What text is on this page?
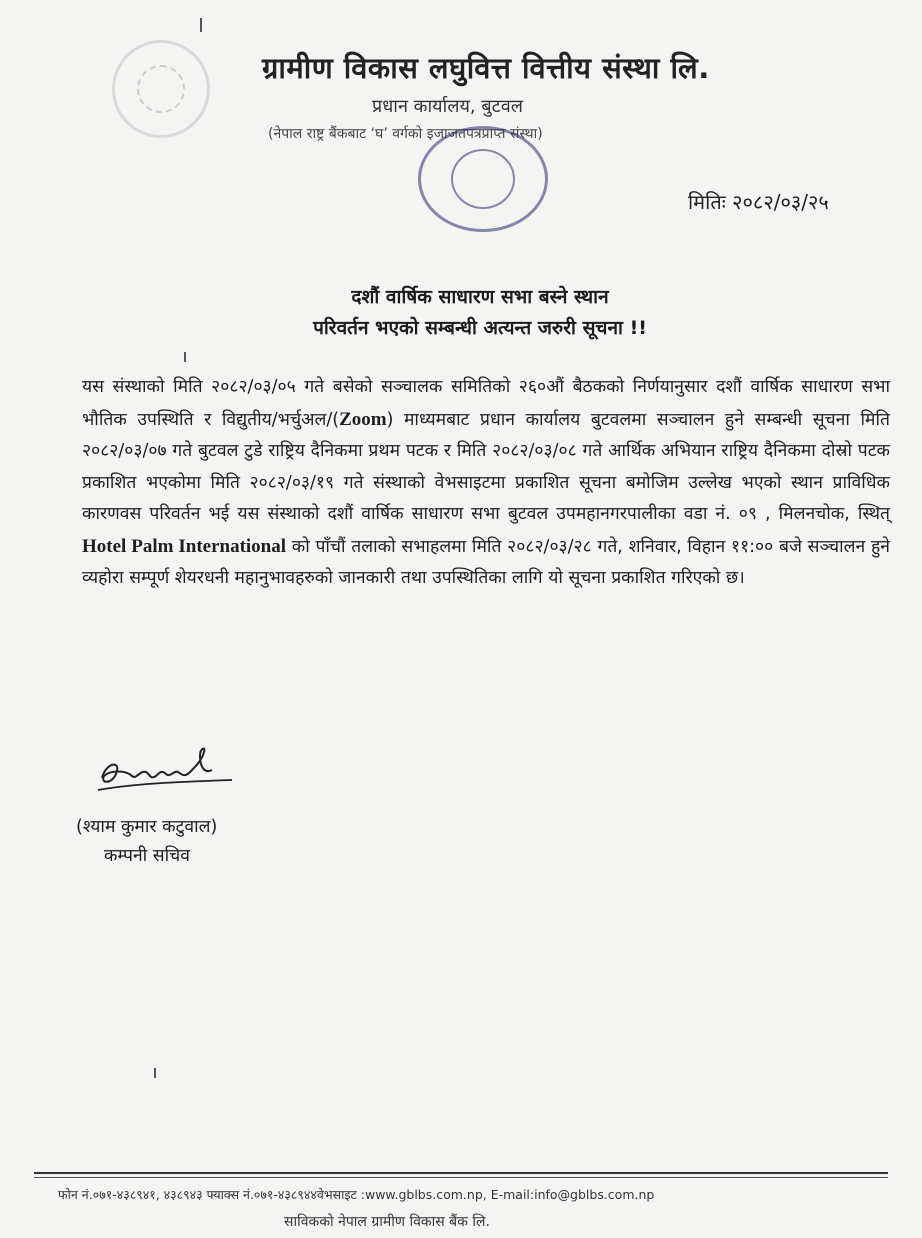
ग्रामीण विकास लघुवित्त वित्तीय संस्था लि.
प्रधान कार्यालय, बुटवल
(नेपाल राष्ट्र बैंकबाट ‘घ’ वर्गको इजाजतपत्रप्राप्त संस्था)
मितिः २०८२/०३/२५
दशौं वार्षिक साधारण सभा बस्ने स्थान
परिवर्तन भएको सम्बन्धी अत्यन्त जरुरी सूचना !!
यस संस्थाको मिति २०८२/०३/०५ गते बसेको सञ्चालक समितिको २६०औं बैठकको निर्णयानुसार दशौं वार्षिक साधारण सभा भौतिक उपस्थिति र विद्युतीय/भर्चुअल/(Zoom) माध्यमबाट प्रधान कार्यालय बुटवलमा सञ्चालन हुने सम्बन्धी सूचना मिति २०८२/०३/०७ गते बुटवल टुडे राष्ट्रिय दैनिकमा प्रथम पटक र मिति २०८२/०३/०८ गते आर्थिक अभियान राष्ट्रिय दैनिकमा दोस्रो पटक प्रकाशित भएकोमा मिति २०८२/०३/१९ गते संस्थाको वेभसाइटमा प्रकाशित सूचना बमोजिम उल्लेख भएको स्थान प्राविधिक कारणवस परिवर्तन भई यस संस्थाको दशौं वार्षिक साधारण सभा बुटवल उपमहानगरपालीका वडा नं. ०९ , मिलनचोक, स्थित् Hotel Palm International को पाँचौं तलाको सभाहलमा मिति २०८२/०३/२८ गते, शनिवार, विहान ११:०० बजे सञ्चालन हुने व्यहोरा सम्पूर्ण शेयरधनी महानुभावहरुको जानकारी तथा उपस्थितिका लागि यो सूचना प्रकाशित गरिएको छ।
(श्याम कुमार कटुवाल)
कम्पनी सचिव
फोन नं.०७१-४३८९४१, ४३८९४३ फ्याक्स नं.०७१-४३८९४४वेभसाइट :www.gblbs.com.np, E-mail:info@gblbs.com.np
साविकको नेपाल ग्रामीण विकास बैंक लि.
